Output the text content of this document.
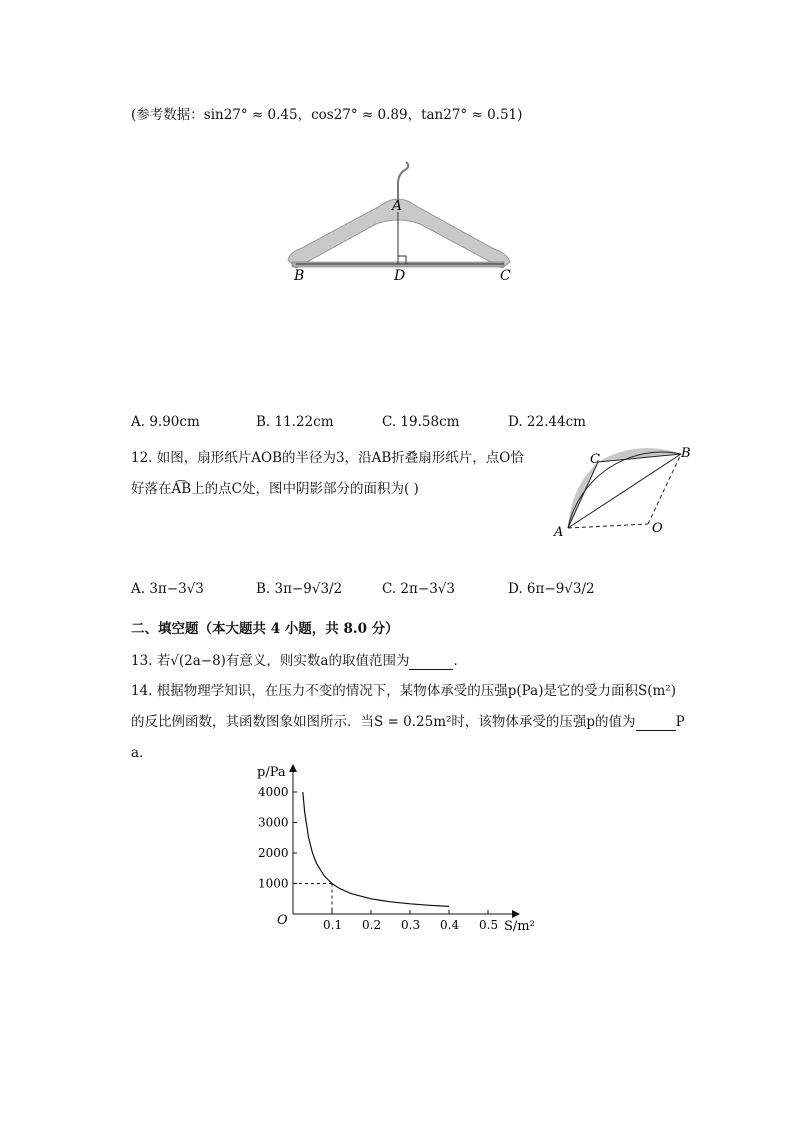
(参考数据：sin27° ≈ 0.45，cos27° ≈ 0.89，tan27° ≈ 0.51)
A
B	D	C
A. 9.90cm	B. 11.22cm	C. 19.58cm	D. 22.44cm
12. 如图，扇形纸片AOB的半径为3，沿AB折叠扇形纸片，点O恰
好落在A͡B上的点C处，图中阴影部分的面积为( )
A
C	B
O
A. 3π−3√3	B. 3π−9√3/2	C. 2π−3√3	D. 6π−9√3/2
二、填空题（本大题共 4 小题，共 8.0 分）
13. 若√(2a−8)有意义，则实数a的取值范围为	．
14. 根据物理学知识，在压力不变的情况下，某物体承受的压强p(Pa)是它的受力面积S(m²)
的反比例函数，其函数图象如图所示．当S = 0.25m²时，该物体承受的压强p的值为	P
a．
p/Pa
S/m²
O	0.1 0.2 0.3 0.4 0.5
1000
2000
3000
4000
